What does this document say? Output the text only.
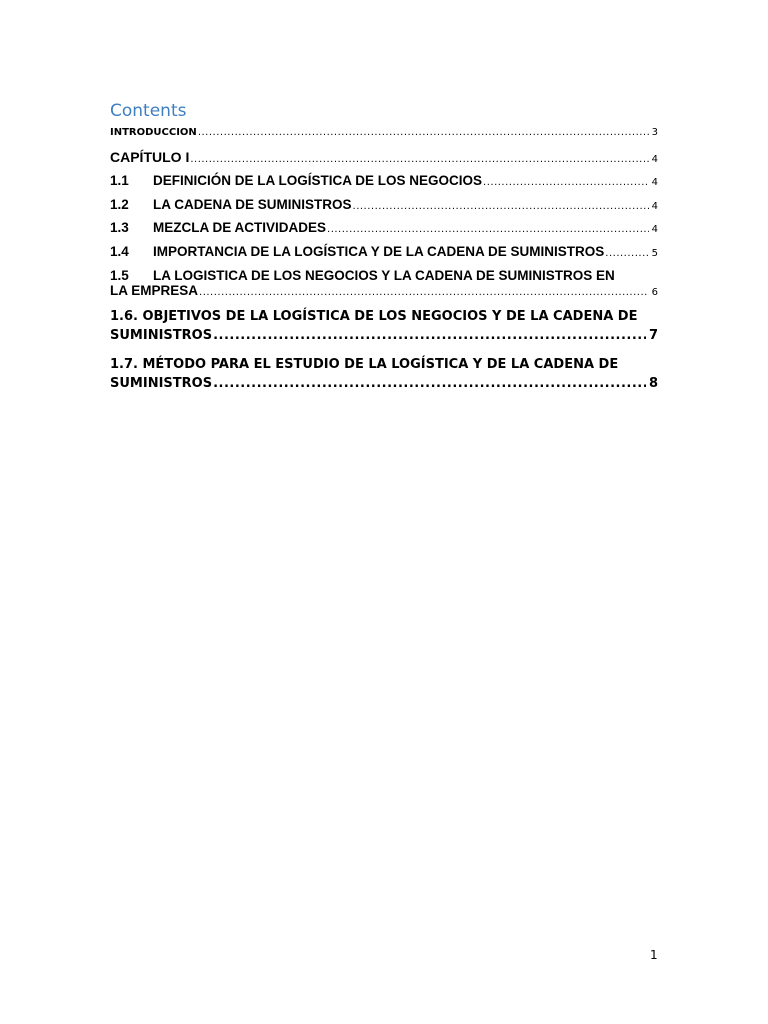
Contents
INTRODUCCION .....	3
CAPÍTULO I .....	4
1.1 DEFINICIÓN DE LA LOGÍSTICA DE LOS NEGOCIOS .....	4
1.2 LA CADENA DE SUMINISTROS .....	4
1.3 MEZCLA DE ACTIVIDADES .....	4
1.4 IMPORTANCIA DE LA LOGÍSTICA Y DE LA CADENA DE SUMINISTROS .....	5
1.5 LA LOGISTICA DE LOS NEGOCIOS Y LA CADENA DE SUMINISTROS EN
LA EMPRESA .....	6
1.6. OBJETIVOS DE LA LOGÍSTICA DE LOS NEGOCIOS Y DE LA CADENA DE
SUMINISTROS .....	7
1.7. MÉTODO PARA EL ESTUDIO DE LA LOGÍSTICA Y DE LA CADENA DE
SUMINISTROS .....	8
1
